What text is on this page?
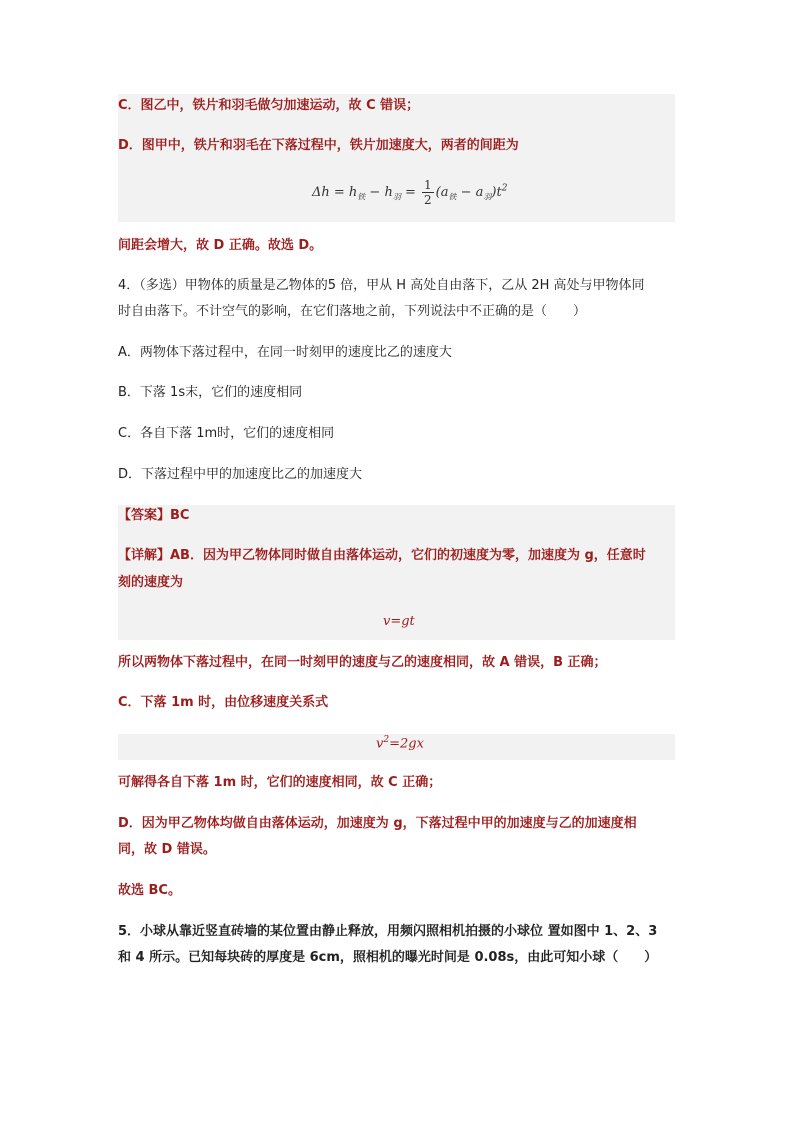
C．图乙中，铁片和羽毛做匀加速运动，故 C 错误；
D．图甲中，铁片和羽毛在下落过程中，铁片加速度大，两者的间距为
$\Delta h = h_铁 - h_羽 = \frac{1}{2} (a_铁 - a_羽)t^2$
间距会增大，故 D 正确。故选 D。
4．（多选）甲物体的质量是乙物体的5 倍，甲从 H 高处自由落下，乙从 2H 高处与甲物体同
时自由落下。不计空气的影响，在它们落地之前，下列说法中不正确的是（　　）
A．两物体下落过程中，在同一时刻甲的速度比乙的速度大
B．下落 1s末，它们的速度相同
C．各自下落 1m时，它们的速度相同
D．下落过程中甲的加速度比乙的加速度大
【答案】BC
【详解】AB．因为甲乙物体同时做自由落体运动，它们的初速度为零，加速度为 g，任意时
刻的速度为
v=gt
所以两物体下落过程中，在同一时刻甲的速度与乙的速度相同，故 A 错误，B 正确；
C．下落 1m 时，由位移速度关系式
$v^2=2gx$
可解得各自下落 1m 时，它们的速度相同，故 C 正确；
D．因为甲乙物体均做自由落体运动，加速度为 g，下落过程中甲的加速度与乙的加速度相
同，故 D 错误。
故选 BC。
5．小球从靠近竖直砖墙的某位置由静止释放，用频闪照相机拍摄的小球位 置如图中 1、2、3
和 4 所示。已知每块砖的厚度是 6cm，照相机的曝光时间是 0.08s，由此可知小球（　　）
